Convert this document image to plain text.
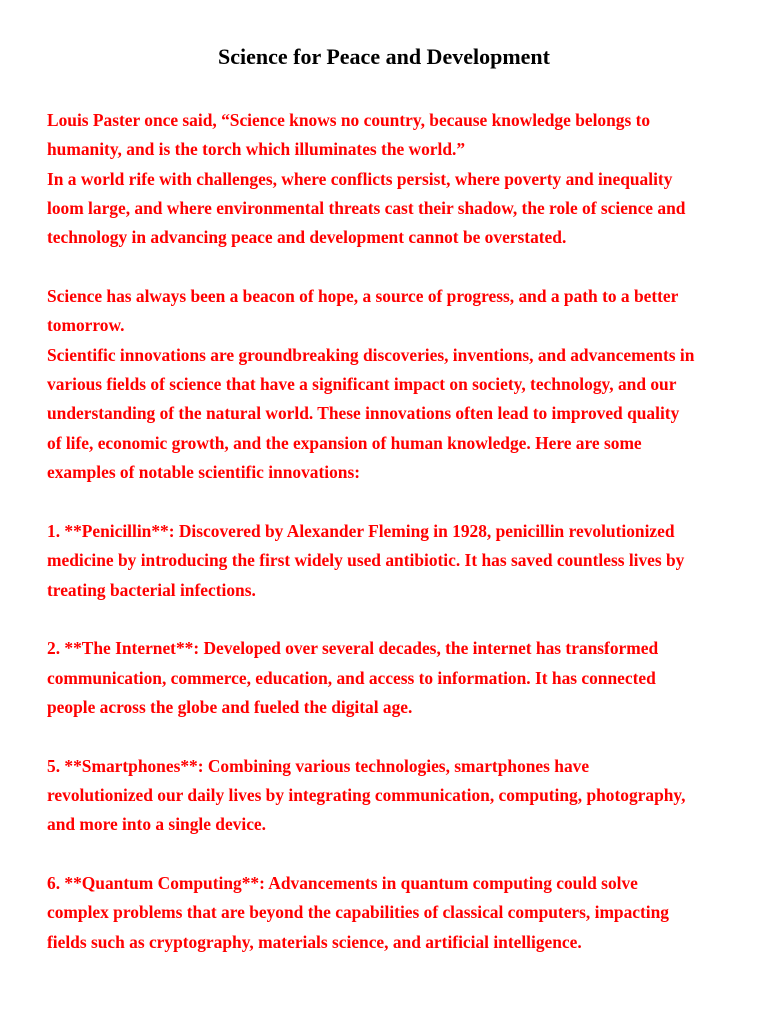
Science for Peace and Development
Louis Paster once said, “Science knows no country, because knowledge belongs to
humanity, and is the torch which illuminates the world.”
In a world rife with challenges, where conflicts persist, where poverty and inequality
loom large, and where environmental threats cast their shadow, the role of science and
technology in advancing peace and development cannot be overstated.
Science has always been a beacon of hope, a source of progress, and a path to a better
tomorrow.
Scientific innovations are groundbreaking discoveries, inventions, and advancements in
various fields of science that have a significant impact on society, technology, and our
understanding of the natural world. These innovations often lead to improved quality
of life, economic growth, and the expansion of human knowledge. Here are some
examples of notable scientific innovations:
1. **Penicillin**: Discovered by Alexander Fleming in 1928, penicillin revolutionized
medicine by introducing the first widely used antibiotic. It has saved countless lives by
treating bacterial infections.
2. **The Internet**: Developed over several decades, the internet has transformed
communication, commerce, education, and access to information. It has connected
people across the globe and fueled the digital age.
5. **Smartphones**: Combining various technologies, smartphones have
revolutionized our daily lives by integrating communication, computing, photography,
and more into a single device.
6. **Quantum Computing**: Advancements in quantum computing could solve
complex problems that are beyond the capabilities of classical computers, impacting
fields such as cryptography, materials science, and artificial intelligence.
